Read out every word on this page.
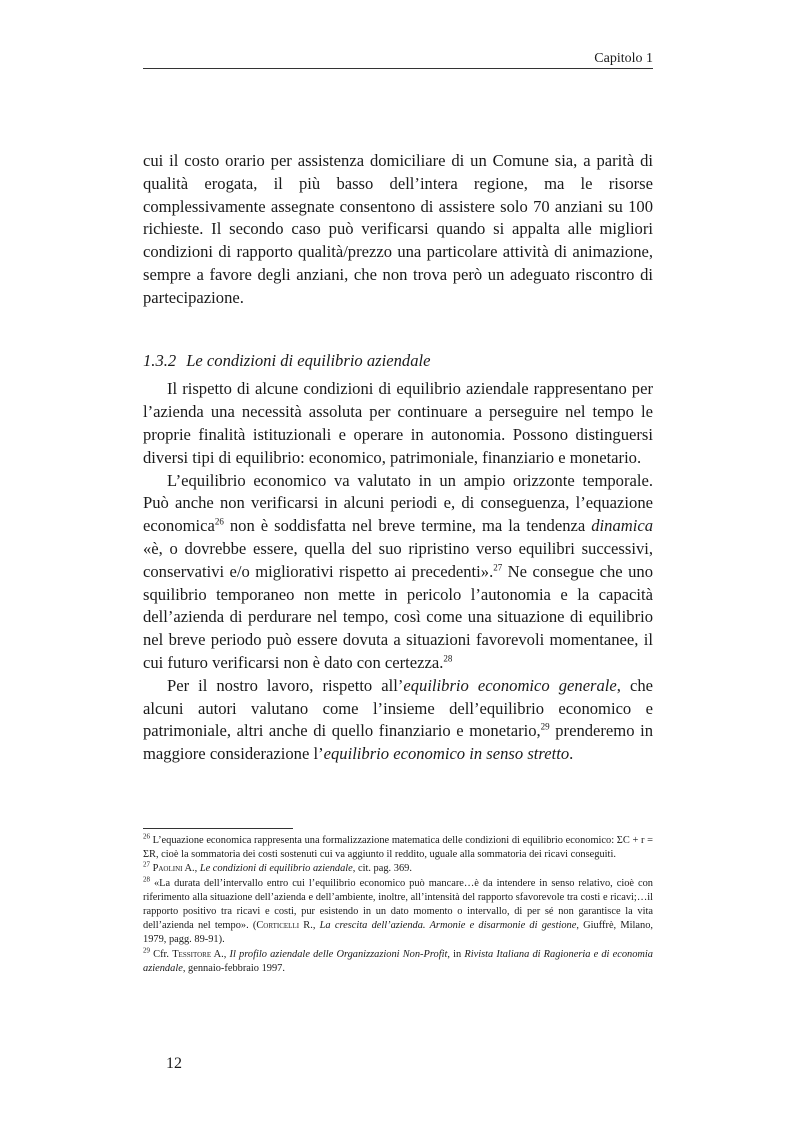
Capitolo 1

cui il costo orario per assistenza domiciliare di un Comune sia, a parità di qualità erogata, il più basso dell’intera regione, ma le risorse complessivamente assegnate consentono di assistere solo 70 anziani su 100 richieste. Il secondo caso può verificarsi quando si appalta alle migliori condizioni di rapporto qualità/prezzo una particolare attività di animazione, sempre a favore degli anziani, che non trova però un adeguato riscontro di partecipazione.

1.3.2 Le condizioni di equilibrio aziendale

Il rispetto di alcune condizioni di equilibrio aziendale rappresentano per l’azienda una necessità assoluta per continuare a perseguire nel tempo le proprie finalità istituzionali e operare in autonomia. Possono distinguersi diversi tipi di equilibrio: economico, patrimoniale, finanziario e monetario.

L’equilibrio economico va valutato in un ampio orizzonte temporale. Può anche non verificarsi in alcuni periodi e, di conseguenza, l’equazione economica$^{26}$ non è soddisfatta nel breve termine, ma la tendenza dinamica «è, o dovrebbe essere, quella del suo ripristino verso equilibri successivi, conservativi e/o migliorativi rispetto ai precedenti».$^{27}$ Ne consegue che uno squilibrio temporaneo non mette in pericolo l’autonomia e la capacità dell’azienda di perdurare nel tempo, così come una situazione di equilibrio nel breve periodo può essere dovuta a situazioni favorevoli momentanee, il cui futuro verificarsi non è dato con certezza.$^{28}$

Per il nostro lavoro, rispetto all’equilibrio economico generale, che alcuni autori valutano come l’insieme dell’equilibrio economico e patrimoniale, altri anche di quello finanziario e monetario,$^{29}$ prenderemo in maggiore considerazione l’equilibrio economico in senso stretto.

$^{26}$ L’equazione economica rappresenta una formalizzazione matematica delle condizioni di equilibrio economico: ΣC + r = ΣR, cioè la sommatoria dei costi sostenuti cui va aggiunto il reddito, uguale alla sommatoria dei ricavi conseguiti.

$^{27}$ Paolini A., Le condizioni di equilibrio aziendale, cit. pag. 369.

$^{28}$ «La durata dell’intervallo entro cui l’equilibrio economico può mancare…è da intendere in senso relativo, cioè con riferimento alla situazione dell’azienda e dell’ambiente, inoltre, all’intensità del rapporto sfavorevole tra costi e ricavi;…il rapporto positivo tra ricavi e costi, pur esistendo in un dato momento o intervallo, di per sé non garantisce la vita dell’azienda nel tempo». (Corticelli R., La crescita dell’azienda. Armonie e disarmonie di gestione, Giuffrè, Milano, 1979, pagg. 89-91).

$^{29}$ Cfr. Tessitore A., Il profilo aziendale delle Organizzazioni Non-Profit, in Rivista Italiana di Ragioneria e di economia aziendale, gennaio-febbraio 1997.

12
